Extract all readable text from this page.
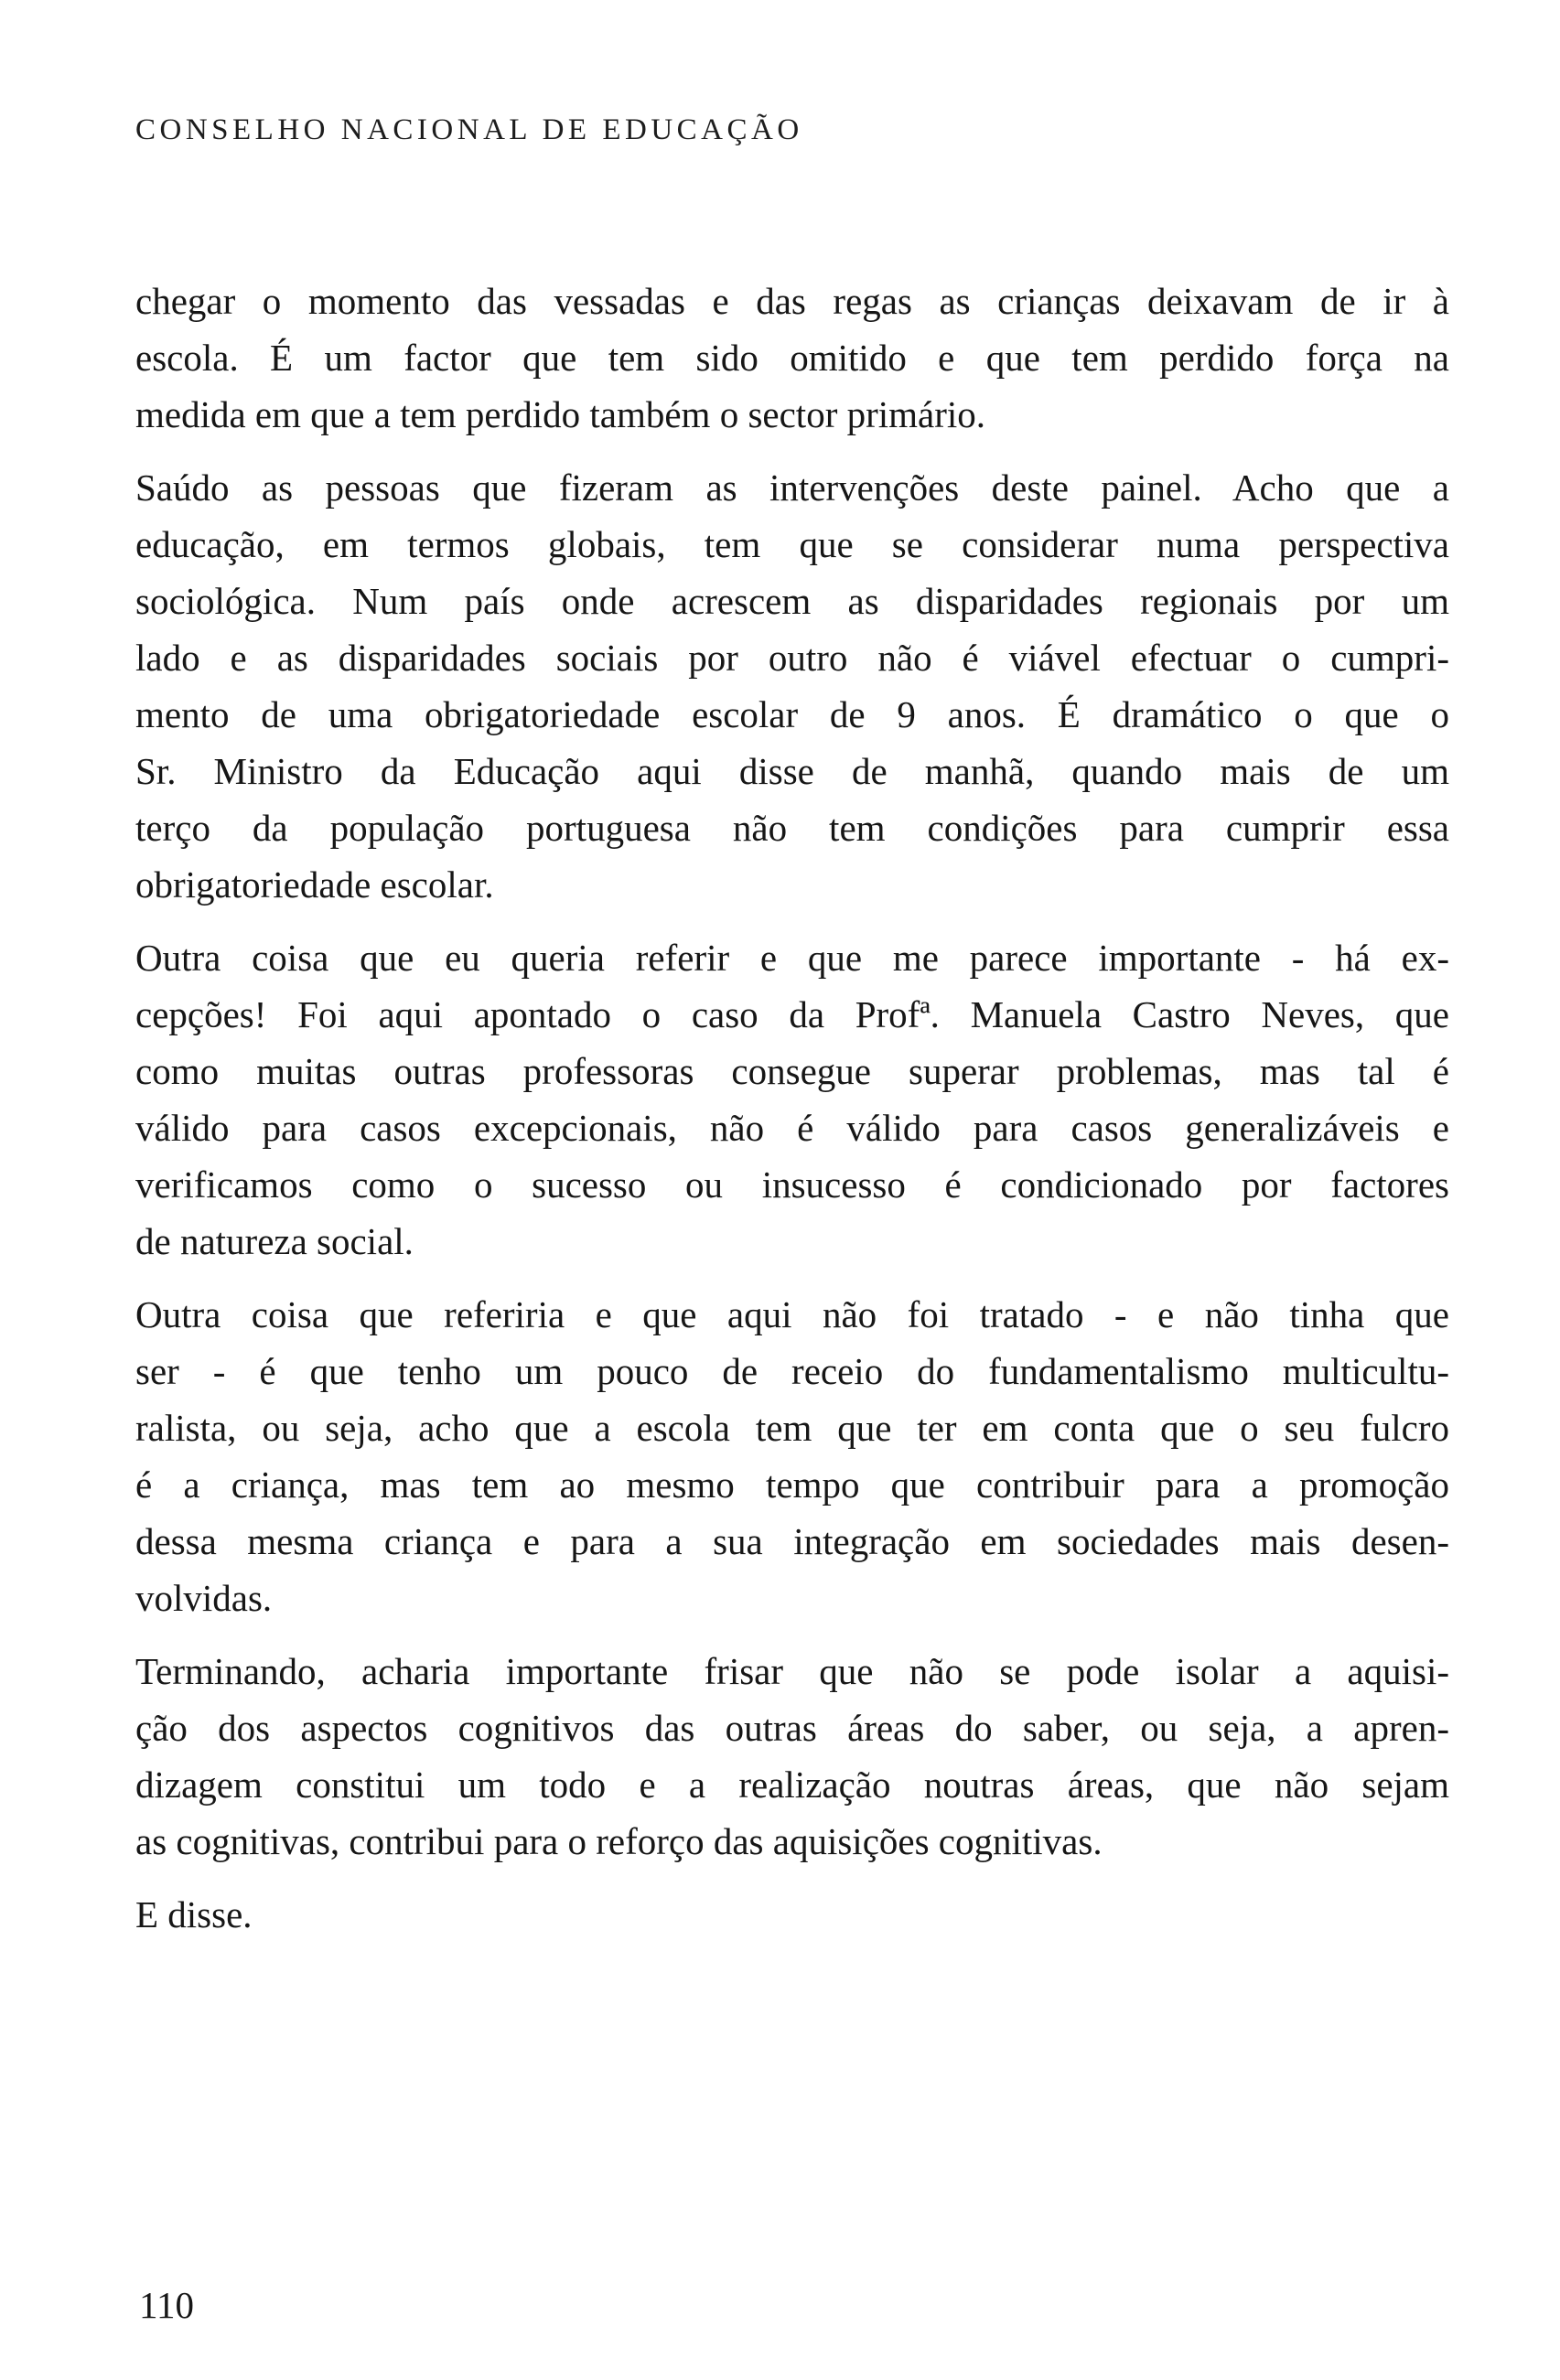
CONSELHO NACIONAL DE EDUCAÇÃO
chegar o momento das vessadas e das regas as crianças deixavam de ir à
escola. É um factor que tem sido omitido e que tem perdido força na
medida em que a tem perdido também o sector primário.
Saúdo as pessoas que fizeram as intervenções deste painel. Acho que a
educação, em termos globais, tem que se considerar numa perspectiva
sociológica. Num país onde acrescem as disparidades regionais por um
lado e as disparidades sociais por outro não é viável efectuar o cumpri-
mento de uma obrigatoriedade escolar de 9 anos. É dramático o que o
Sr. Ministro da Educação aqui disse de manhã, quando mais de um
terço da população portuguesa não tem condições para cumprir essa
obrigatoriedade escolar.
Outra coisa que eu queria referir e que me parece importante - há ex-
cepções! Foi aqui apontado o caso da Profª. Manuela Castro Neves, que
como muitas outras professoras consegue superar problemas, mas tal é
válido para casos excepcionais, não é válido para casos generalizáveis e
verificamos como o sucesso ou insucesso é condicionado por factores
de natureza social.
Outra coisa que referiria e que aqui não foi tratado - e não tinha que
ser - é que tenho um pouco de receio do fundamentalismo multicultu-
ralista, ou seja, acho que a escola tem que ter em conta que o seu fulcro
é a criança, mas tem ao mesmo tempo que contribuir para a promoção
dessa mesma criança e para a sua integração em sociedades mais desen-
volvidas.
Terminando, acharia importante frisar que não se pode isolar a aquisi-
ção dos aspectos cognitivos das outras áreas do saber, ou seja, a apren-
dizagem constitui um todo e a realização noutras áreas, que não sejam
as cognitivas, contribui para o reforço das aquisições cognitivas.
E disse.
110
